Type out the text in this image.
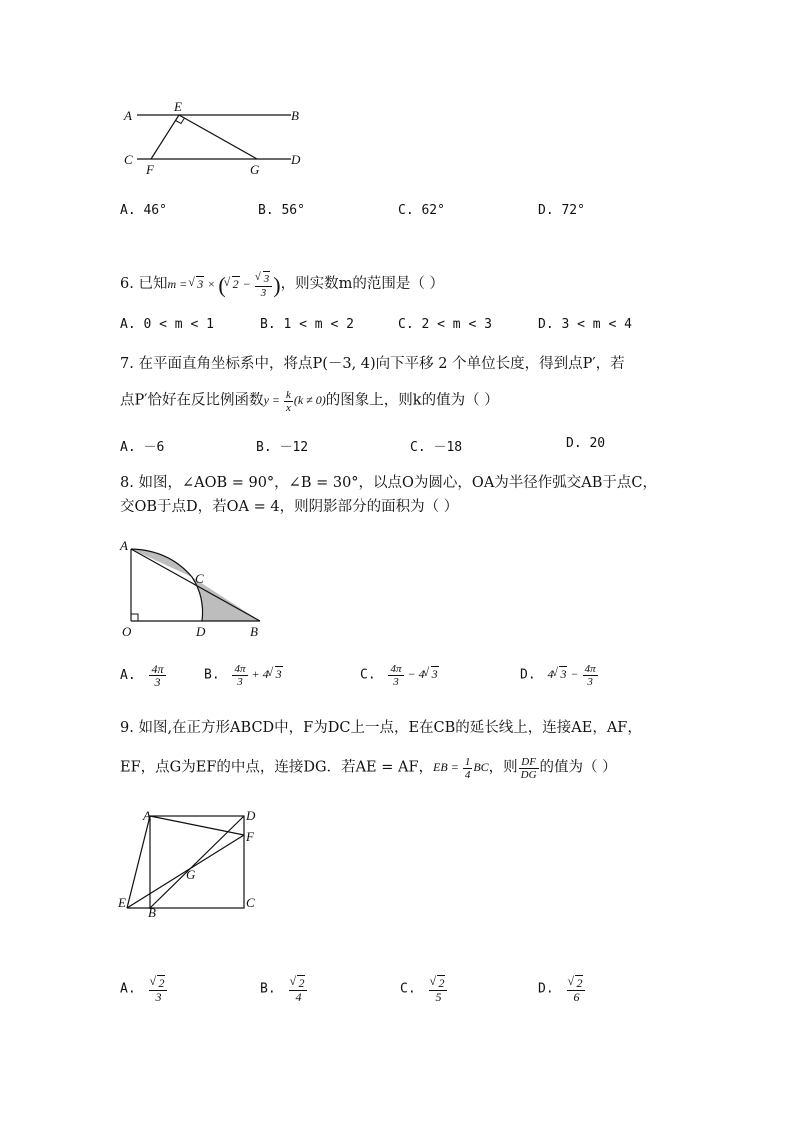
A
E
B
C
F	G
D
A. 46°	B. 56°	C. 62°	D. 72°
6. 已知m = √ 3 × (√ 2 −
√ $\frac{3}{3}$ )，则实数m的范围是（ ）
A. 0 < m < 1	B. 1 < m < 2	C. 2 < m < 3	D. 3 < m < 4
7. 在平面直角坐标系中，将点P(－3, 4)向下平移 2 个单位长度，得到点P′，若
点P′恰好在反比例函数$y = \frac{k}{x} (k \ne 0)$的图象上，则k的值为（ ）
A. －6	B. －12	C. －18	D. 20
8. 如图，∠AOB = 90°，∠B = 30°，以点O为圆心，OA为半径作弧交AB于点C，
交OB于点D，若OA = 4，则阴影部分的面积为（ ）
A
C
O	D	B
A. $\frac{4\pi}{3}$	B. $\frac{4\pi}{3} + 4√$ 3	C. $\frac{4\pi}{3} - 4√$ 3	D. 4√ $3 - \frac{4\pi}{3}$
9. 如图,在正方形ABCD中，F为DC上一点，E在CB的延长线上，连接AE，AF，
EF，点G为EF的中点，连接DG．若AE = AF，EB = $\frac{1}{4}$ BC，则 $\frac{DF}{DG}$ 的值为（ ）
A	D
F
G
E
B
C
A.
√ $\frac{2}{3}$	B.
√ $\frac{2}{4}$	C.
√ $\frac{2}{5}$	D.
√ $\frac{2}{6}$
